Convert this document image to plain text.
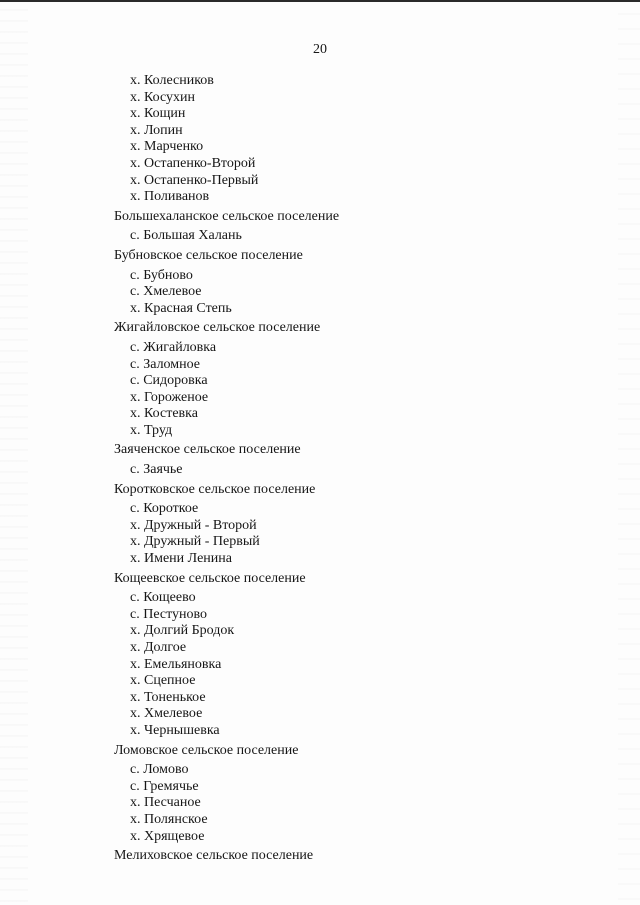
20
х. Колесников
х. Косухин
х. Кощин
х. Лопин
х. Марченко
х. Остапенко-Второй
х. Остапенко-Первый
х. Поливанов
Большехаланское сельское поселение
с. Большая Халань
Бубновское сельское поселение
с. Бубново
с. Хмелевое
х. Красная Степь
Жигайловское сельское поселение
с. Жигайловка
с. Заломное
с. Сидоровка
х. Гороженое
х. Костевка
х. Труд
Заяченское сельское поселение
с. Заячье
Коротковское сельское поселение
с. Короткое
х. Дружный - Второй
х. Дружный - Первый
х. Имени Ленина
Кощеевское сельское поселение
с. Кощеево
с. Пестуново
х. Долгий Бродок
х. Долгое
х. Емельяновка
х. Сцепное
х. Тоненькое
х. Хмелевое
х. Чернышевка
Ломовское сельское поселение
с. Ломово
с. Гремячье
х. Песчаное
х. Полянское
х. Хрящевое
Мелиховское сельское поселение
